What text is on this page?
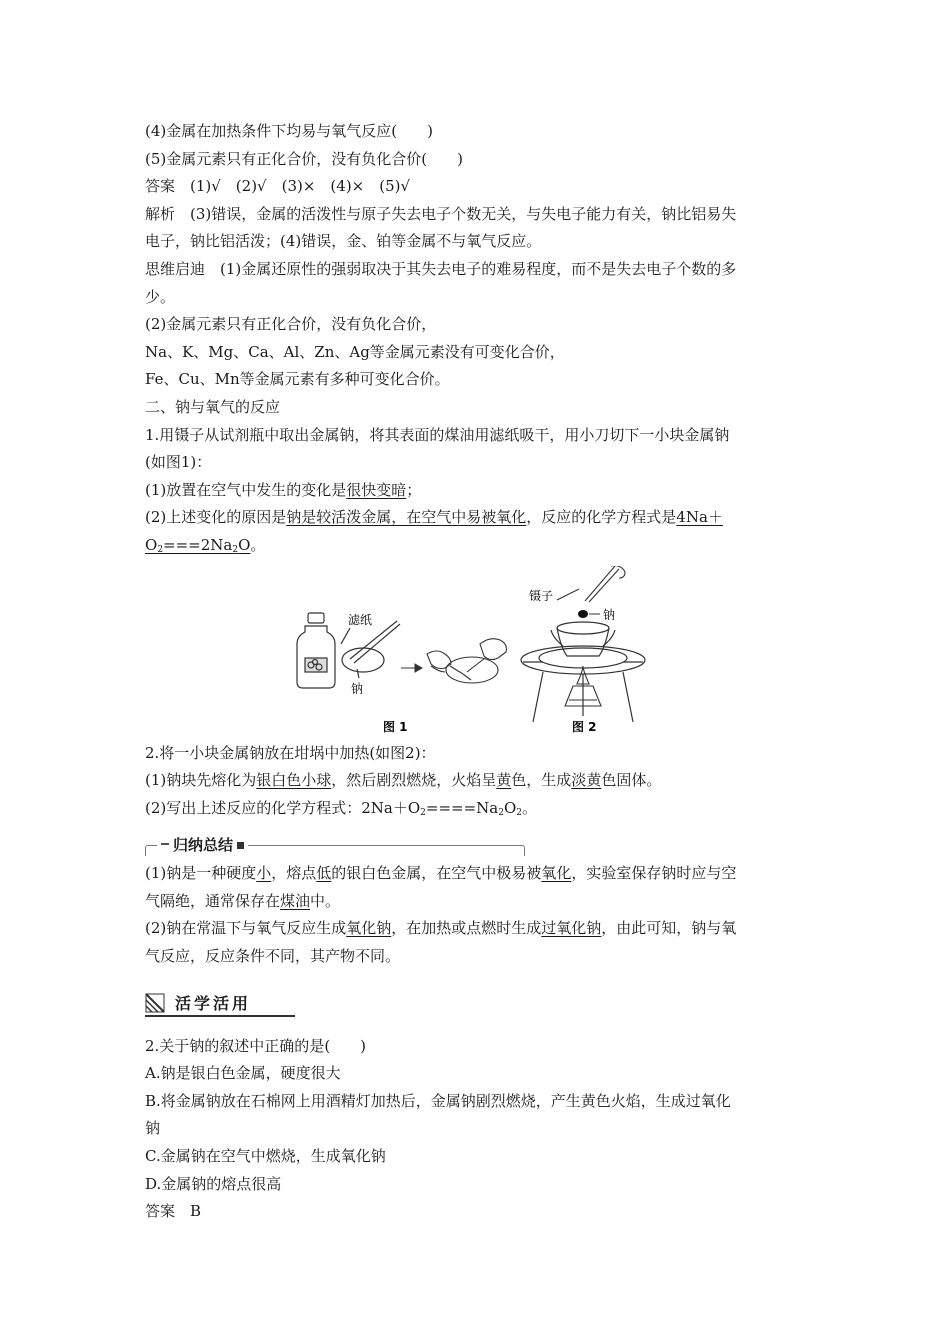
(4)金属在加热条件下均易与氧气反应(　　)
(5)金属元素只有正化合价，没有负化合价(　　)
答案　(1)√　(2)√　(3)×　(4)×　(5)√
解析　(3)错误，金属的活泼性与原子失去电子个数无关，与失电子能力有关，钠比铝易失
电子，钠比铝活泼；(4)错误，金、铂等金属不与氧气反应。
思维启迪　(1)金属还原性的强弱取决于其失去电子的难易程度，而不是失去电子个数的多
少。
(2)金属元素只有正化合价，没有负化合价，
Na、K、Mg、Ca、Al、Zn、Ag等金属元素没有可变化合价，
Fe、Cu、Mn等金属元素有多种可变化合价。
二、钠与氧气的反应
1.用镊子从试剂瓶中取出金属钠，将其表面的煤油用滤纸吸干，用小刀切下一小块金属钠
(如图1)：
(1)放置在空气中发生的变化是很快变暗；
(2)上述变化的原因是钠是较活泼金属，在空气中易被氧化，反应的化学方程式是4Na＋
$O_2===2Na_2O$。
滤纸
钠
图 1
镊子
钠
图 2
2.将一小块金属钠放在坩埚中加热(如图2)：
(1)钠块先熔化为银白色小球，然后剧烈燃烧，火焰呈黄色，生成淡黄色固体。
(2)写出上述反应的化学方程式：$2Na+O_2====Na_2O_2$。
归纳总结
(1)钠是一种硬度小，熔点低的银白色金属，在空气中极易被氧化，实验室保存钠时应与空
气隔绝，通常保存在煤油中。
(2)钠在常温下与氧气反应生成氧化钠，在加热或点燃时生成过氧化钠，由此可知，钠与氧
气反应，反应条件不同，其产物不同。
活学活用
2.关于钠的叙述中正确的是(　　)
A.钠是银白色金属，硬度很大
B.将金属钠放在石棉网上用酒精灯加热后，金属钠剧烈燃烧，产生黄色火焰，生成过氧化
钠
C.金属钠在空气中燃烧，生成氧化钠
D.金属钠的熔点很高
答案　B
